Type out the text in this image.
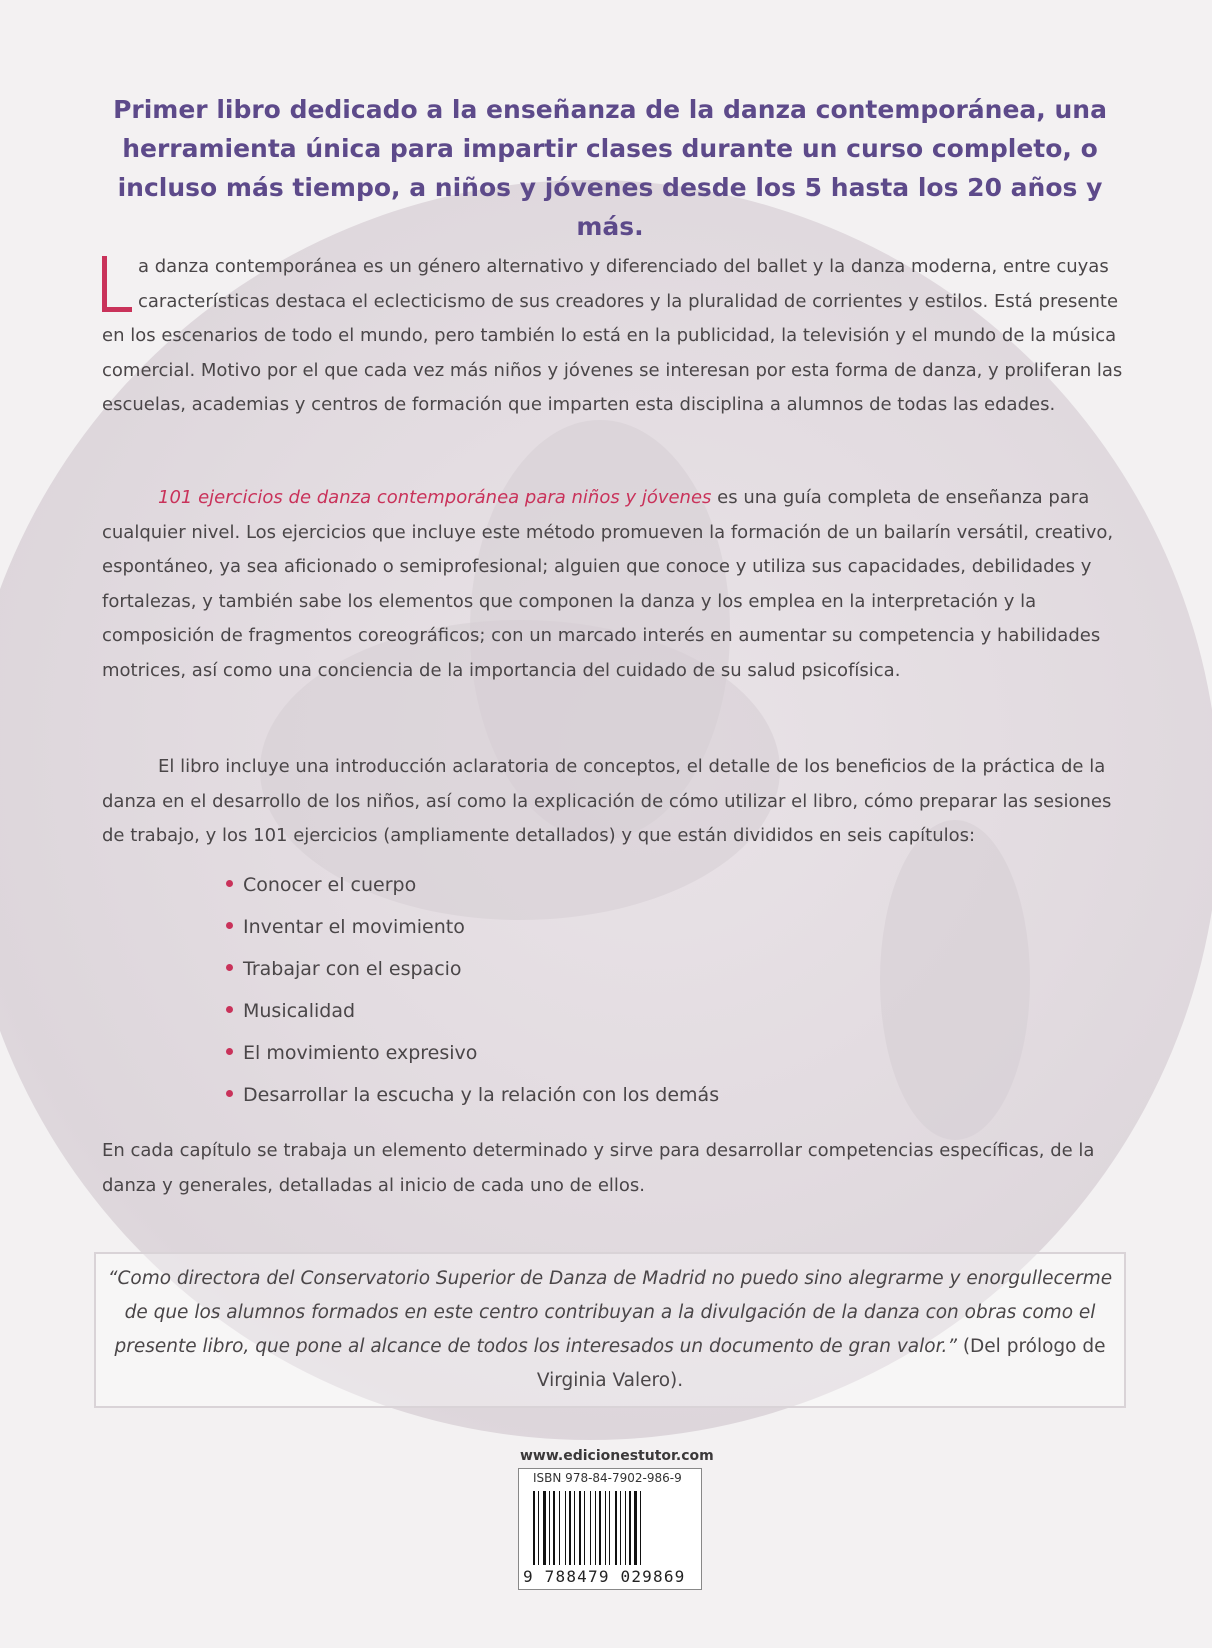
Primer libro dedicado a la enseñanza de la danza contemporánea, una herramienta única para impartir clases durante un curso completo, o incluso más tiempo, a niños y jóvenes desde los 5 hasta los 20 años y más.
a danza contemporánea es un género alternativo y diferenciado del ballet y la danza moderna, entre cuyas características destaca el eclecticismo de sus creadores y la pluralidad de corrientes y estilos. Está presente en los escenarios de todo el mundo, pero también lo está en la publicidad, la televisión y el mundo de la música comercial. Motivo por el que cada vez más niños y jóvenes se interesan por esta forma de danza, y proliferan las escuelas, academias y centros de formación que imparten esta disciplina a alumnos de todas las edades.
101 ejercicios de danza contemporánea para niños y jóvenes es una guía completa de enseñanza para cualquier nivel. Los ejercicios que incluye este método promueven la formación de un bailarín versátil, creativo, espontáneo, ya sea aficionado o semiprofesional; alguien que conoce y utiliza sus capacidades, debilidades y fortalezas, y también sabe los elementos que componen la danza y los emplea en la interpretación y la composición de fragmentos coreográficos; con un marcado interés en aumentar su competencia y habilidades motrices, así como una conciencia de la importancia del cuidado de su salud psicofísica.
El libro incluye una introducción aclaratoria de conceptos, el detalle de los beneficios de la práctica de la danza en el desarrollo de los niños, así como la explicación de cómo utilizar el libro, cómo preparar las sesiones de trabajo, y los 101 ejercicios (ampliamente detallados) y que están divididos en seis capítulos:
Conocer el cuerpo
Inventar el movimiento
Trabajar con el espacio
Musicalidad
El movimiento expresivo
Desarrollar la escucha y la relación con los demás
En cada capítulo se trabaja un elemento determinado y sirve para desarrollar competencias específicas, de la danza y generales, detalladas al inicio de cada uno de ellos.
“Como directora del Conservatorio Superior de Danza de Madrid no puedo sino alegrarme y enorgullecerme de que los alumnos formados en este centro contribuyan a la divulgación de la danza con obras como el presente libro, que pone al alcance de todos los interesados un documento de gran valor.” (Del prólogo de Virginia Valero).
www.edicionestutor.com
ISBN 978-84-7902-986-9
9 788479 029869
